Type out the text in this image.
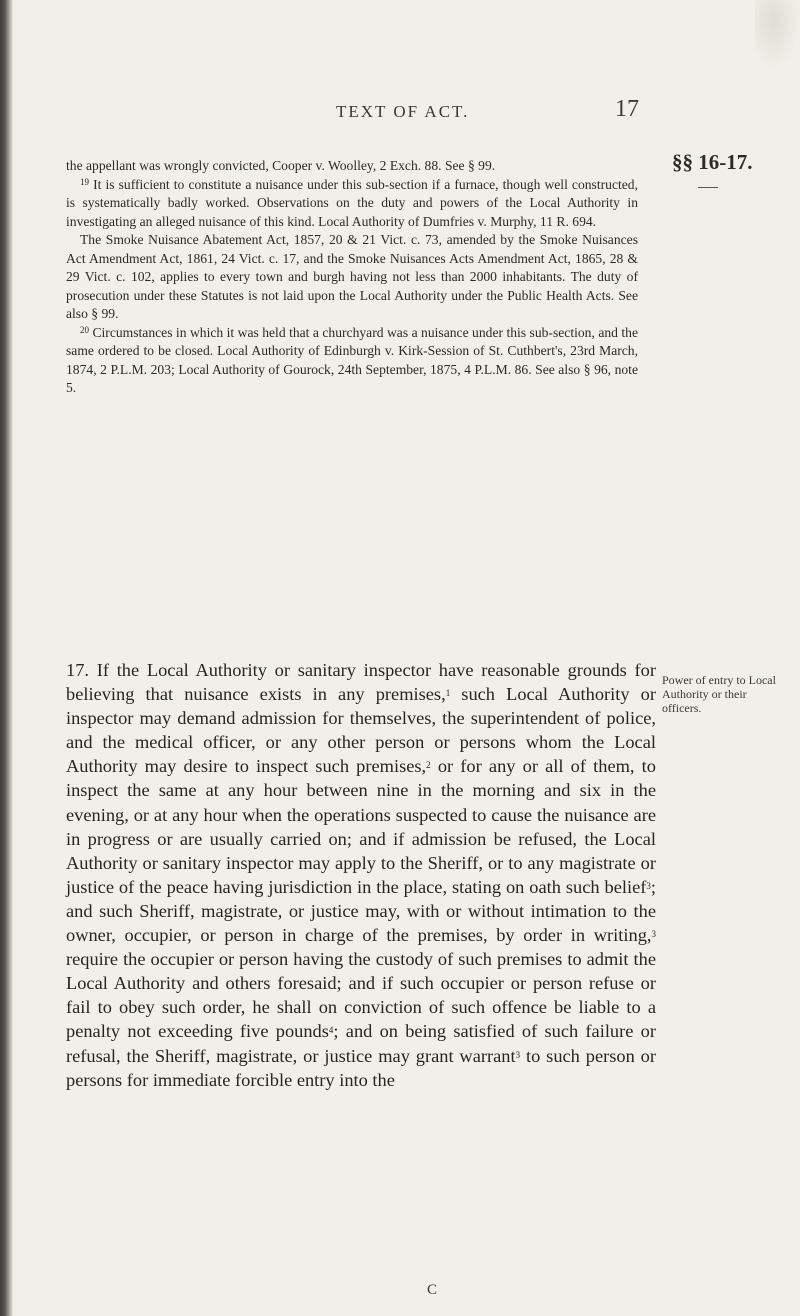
TEXT OF ACT.	17
§§ 16-17.

the appellant was wrongly convicted, Cooper v. Woolley, 2 Exch. 88. See § 99.

$^{19}$ It is sufficient to constitute a nuisance under this sub-section if a furnace, though well constructed, is systematically badly worked. Observations on the duty and powers of the Local Authority in investigating an alleged nuisance of this kind. Local Authority of Dumfries v. Murphy, 11 R. 694.

The Smoke Nuisance Abatement Act, 1857, 20 & 21 Vict. c. 73, amended by the Smoke Nuisances Act Amendment Act, 1861, 24 Vict. c. 17, and the Smoke Nuisances Acts Amendment Act, 1865, 28 & 29 Vict. c. 102, applies to every town and burgh having not less than 2000 inhabitants. The duty of prosecution under these Statutes is not laid upon the Local Authority under the Public Health Acts. See also § 99.

$^{20}$ Circumstances in which it was held that a churchyard was a nuisance under this sub-section, and the same ordered to be closed. Local Authority of Edinburgh v. Kirk-Session of St. Cuthbert's, 23rd March, 1874, 2 P.L.M. 203; Local Authority of Gourock, 24th September, 1875, 4 P.L.M. 86. See also § 96, note 5.

17. If the Local Authority or sanitary inspector have reasonable grounds for believing that nuisance exists in any premises,$^1$ such Local Authority or inspector may demand admission for themselves, the superintendent of police, and the medical officer, or any other person or persons whom the Local Authority may desire to inspect such premises,$^2$ or for any or all of them, to inspect the same at any hour between nine in the morning and six in the evening, or at any hour when the operations suspected to cause the nuisance are in progress or are usually carried on; and if admission be refused, the Local Authority or sanitary inspector may apply to the Sheriff, or to any magistrate or justice of the peace having jurisdiction in the place, stating on oath such belief$^3$; and such Sheriff, magistrate, or justice may, with or without intimation to the owner, occupier, or person in charge of the premises, by order in writing,$^3$ require the occupier or person having the custody of such premises to admit the Local Authority and others foresaid; and if such occupier or person refuse or fail to obey such order, he shall on conviction of such offence be liable to a penalty not exceeding five pounds$^4$; and on being satisfied of such failure or refusal, the Sheriff, magistrate, or justice may grant warrant$^3$ to such person or persons for immediate forcible entry into the

Power of entry to Local Authority or their officers.
C
